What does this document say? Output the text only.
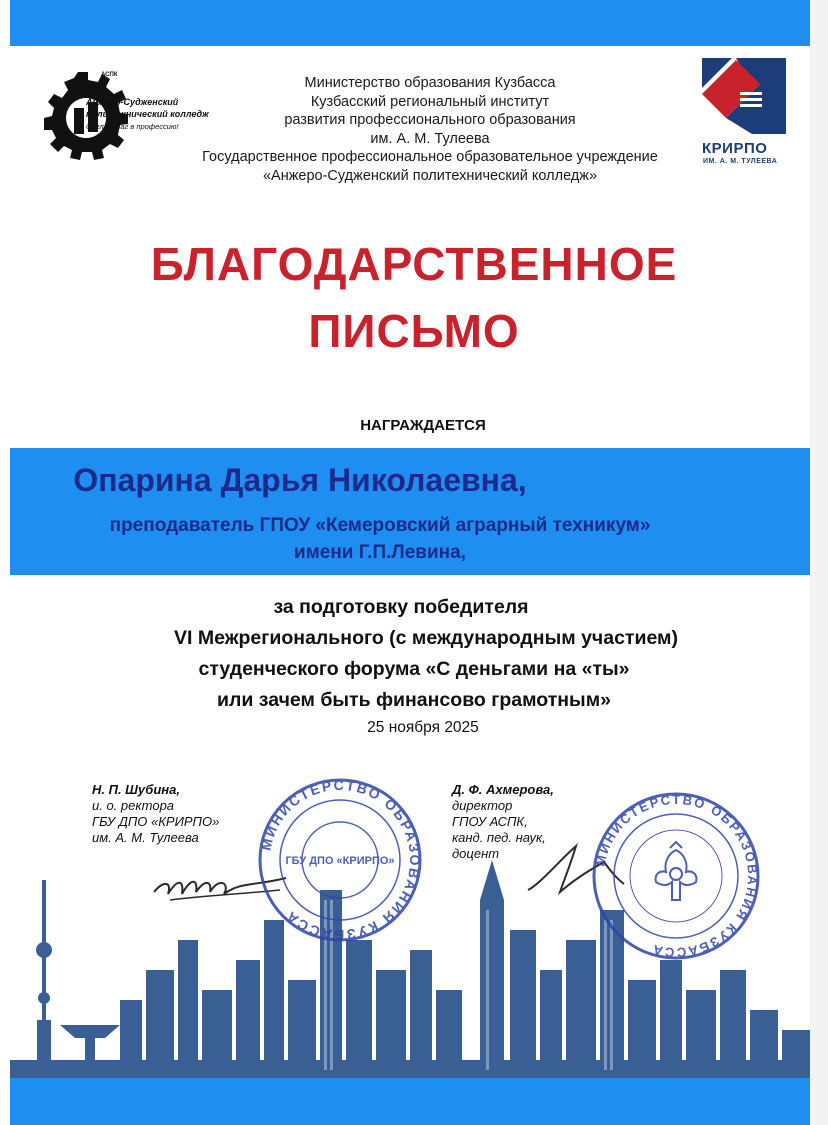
АСПК
Анжеро-Судженский
политехнический колледж
Сделай шаг в профессию!
Министерство образования Кузбасса
Кузбасский региональный институт
развития профессионального образования
им. А. М. Тулеева
Государственное профессиональное образовательное учреждение
«Анжеро-Судженский политехнический колледж»
КРИРПО
ИМ. А. М. ТУЛЕЕВА
БЛАГОДАРСТВЕННОЕ
ПИСЬМО
НАГРАЖДАЕТСЯ
Опарина Дарья Николаевна,
преподаватель ГПОУ «Кемеровский аграрный техникум»
имени Г.П.Левина,
за подготовку победителя
VI Межрегионального (с международным участием)
студенческого форума «С деньгами на «ты»
или зачем быть финансово грамотным»
25 ноября 2025
Н. П. Шубина,
и. о. ректора
ГБУ ДПО «КРИРПО»
им. А. М. Тулеева
Д. Ф. Ахмерова,
директор
ГПОУ АСПК,
канд. пед. наук,
доцент
МИНИСТЕРСТВО ОБРАЗОВАНИЯ КУЗБАССА
ГБУ ДПО «КРИРПО»	МИНИСТЕРСТВО ОБРАЗОВАНИЯ КУЗБАССА
